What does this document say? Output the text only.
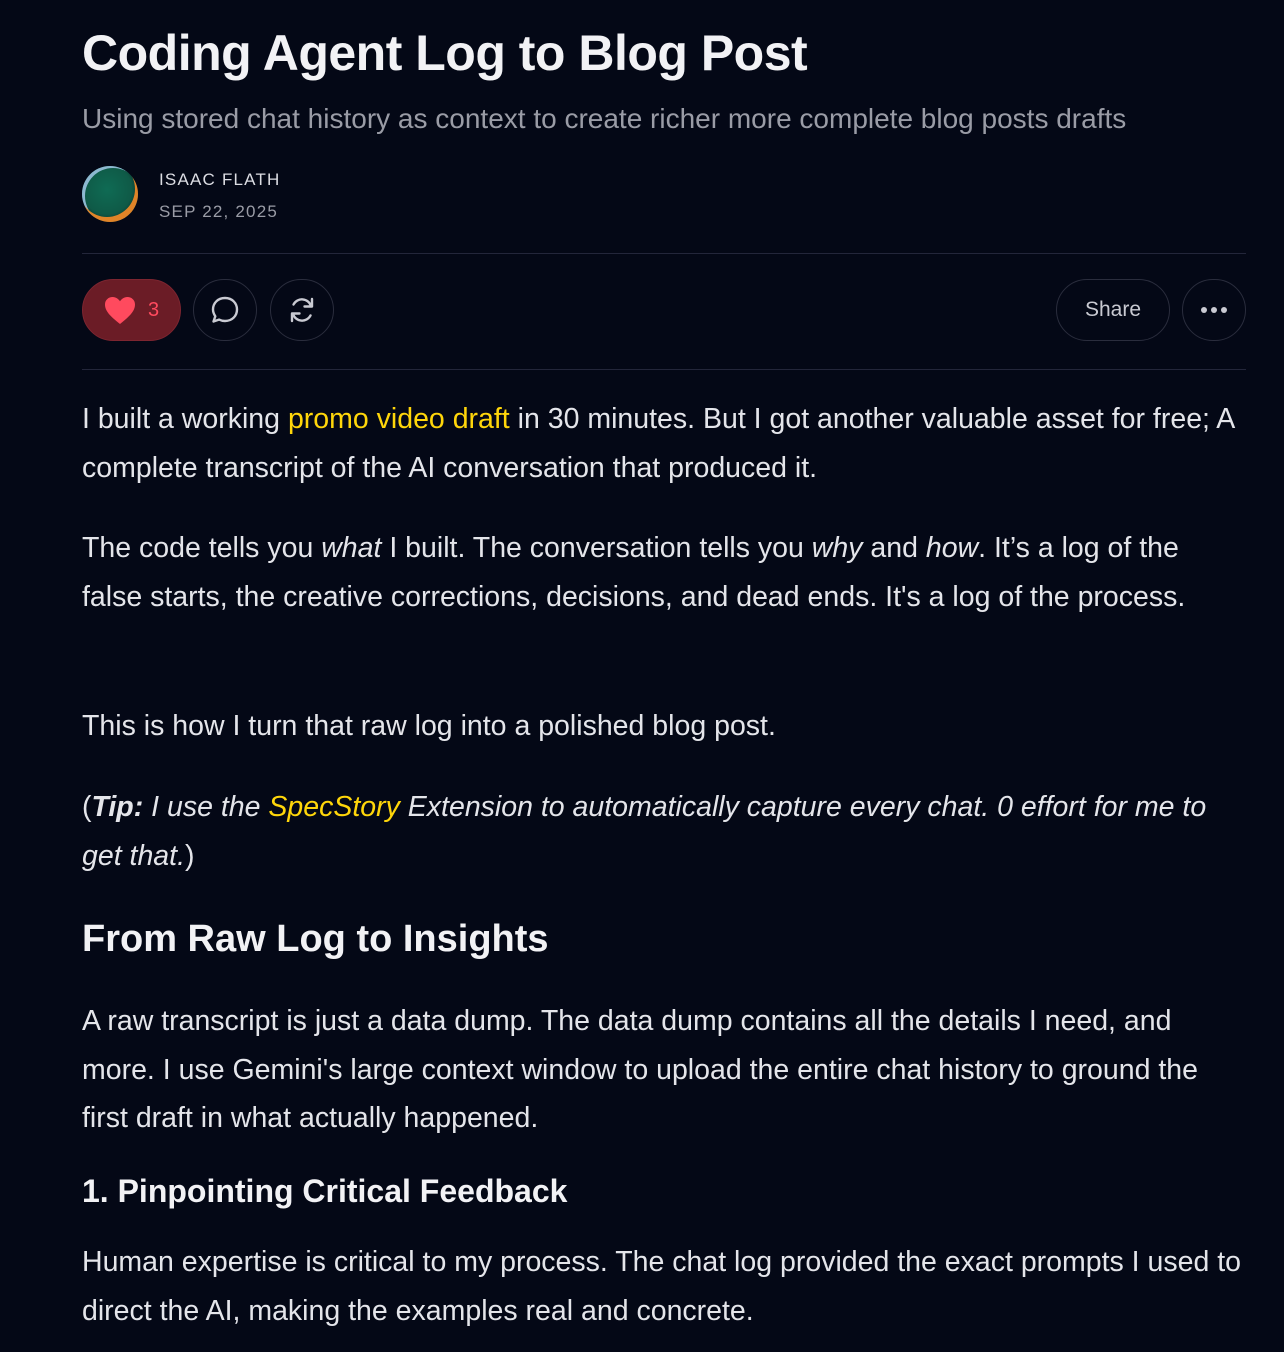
Coding Agent Log to Blog Post
Using stored chat history as context to create richer more complete blog posts drafts
ISAAC FLATH
SEP 22, 2025
3	Share

I built a working promo video draft in 30 minutes. But I got another valuable asset for free; A complete transcript of the AI conversation that produced it.

The code tells you what I built. The conversation tells you why and how. It’s a log of the false starts, the creative corrections, decisions, and dead ends. It's a log of the process.

This is how I turn that raw log into a polished blog post.

(Tip: I use the SpecStory Extension to automatically capture every chat. 0 effort for me to get that.)

From Raw Log to Insights

A raw transcript is just a data dump. The data dump contains all the details I need, and more. I use Gemini's large context window to upload the entire chat history to ground the first draft in what actually happened.

1. Pinpointing Critical Feedback

Human expertise is critical to my process. The chat log provided the exact prompts I used to direct the AI, making the examples real and concrete.
